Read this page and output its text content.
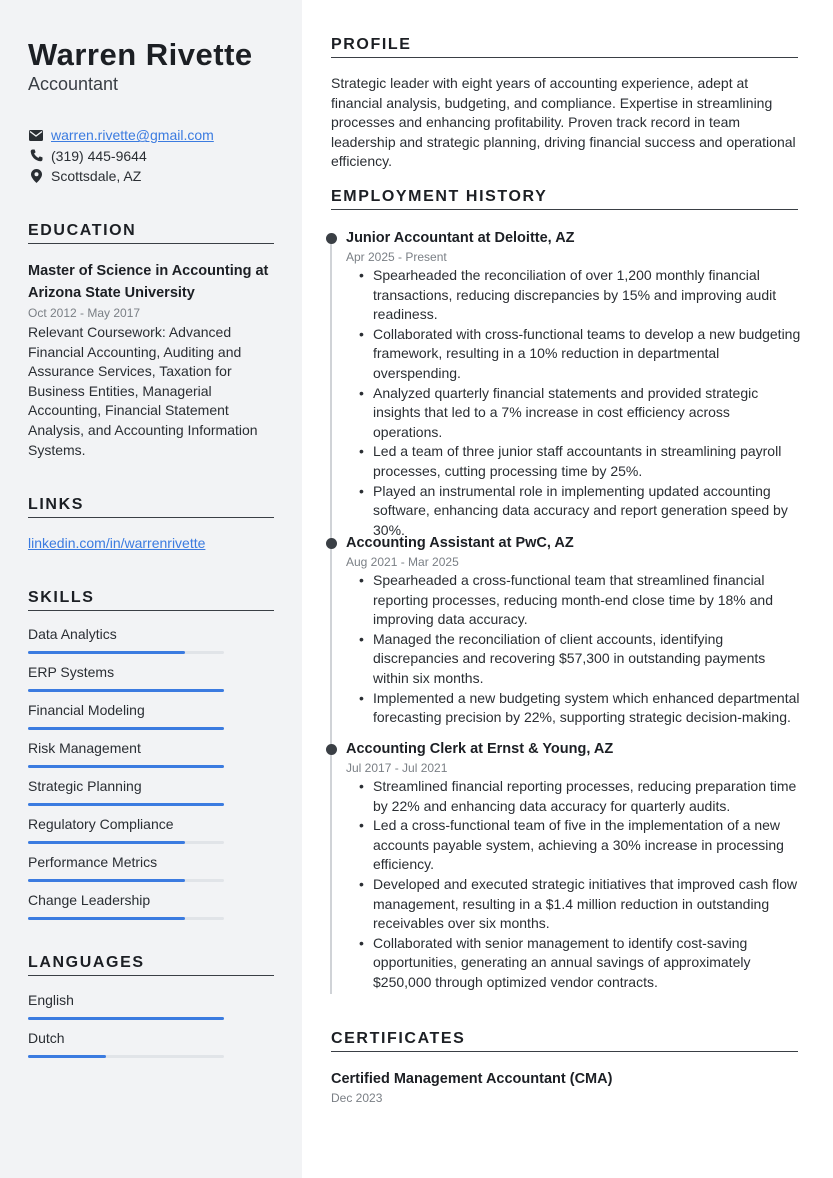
Warren Rivette
Accountant
warren.rivette@gmail.com
(319) 445-9644
Scottsdale, AZ
EDUCATION
Master of Science in Accounting at Arizona State University
Oct 2012 - May 2017
Relevant Coursework: Advanced Financial Accounting, Auditing and Assurance Services, Taxation for Business Entities, Managerial Accounting, Financial Statement Analysis, and Accounting Information Systems.
LINKS
linkedin.com/in/warrenrivette
SKILLS
Data Analytics
ERP Systems
Financial Modeling
Risk Management
Strategic Planning
Regulatory Compliance
Performance Metrics
Change Leadership
LANGUAGES
English
Dutch
PROFILE
Strategic leader with eight years of accounting experience, adept at financial analysis, budgeting, and compliance. Expertise in streamlining processes and enhancing profitability. Proven track record in team leadership and strategic planning, driving financial success and operational efficiency.
EMPLOYMENT HISTORY
Junior Accountant at Deloitte, AZ
Apr 2025 - Present
• Spearheaded the reconciliation of over 1,200 monthly financial transactions, reducing discrepancies by 15% and improving audit readiness.
• Collaborated with cross-functional teams to develop a new budgeting framework, resulting in a 10% reduction in departmental overspending.
• Analyzed quarterly financial statements and provided strategic insights that led to a 7% increase in cost efficiency across operations.
• Led a team of three junior staff accountants in streamlining payroll processes, cutting processing time by 25%.
• Played an instrumental role in implementing updated accounting software, enhancing data accuracy and report generation speed by 30%.
Accounting Assistant at PwC, AZ
Aug 2021 - Mar 2025
• Spearheaded a cross-functional team that streamlined financial reporting processes, reducing month-end close time by 18% and improving data accuracy.
• Managed the reconciliation of client accounts, identifying discrepancies and recovering $57,300 in outstanding payments within six months.
• Implemented a new budgeting system which enhanced departmental forecasting precision by 22%, supporting strategic decision-making.
Accounting Clerk at Ernst & Young, AZ
Jul 2017 - Jul 2021
• Streamlined financial reporting processes, reducing preparation time by 22% and enhancing data accuracy for quarterly audits.
• Led a cross-functional team of five in the implementation of a new accounts payable system, achieving a 30% increase in processing efficiency.
• Developed and executed strategic initiatives that improved cash flow management, resulting in a $1.4 million reduction in outstanding receivables over six months.
• Collaborated with senior management to identify cost-saving opportunities, generating an annual savings of approximately $250,000 through optimized vendor contracts.
CERTIFICATES
Certified Management Accountant (CMA)
Dec 2023
